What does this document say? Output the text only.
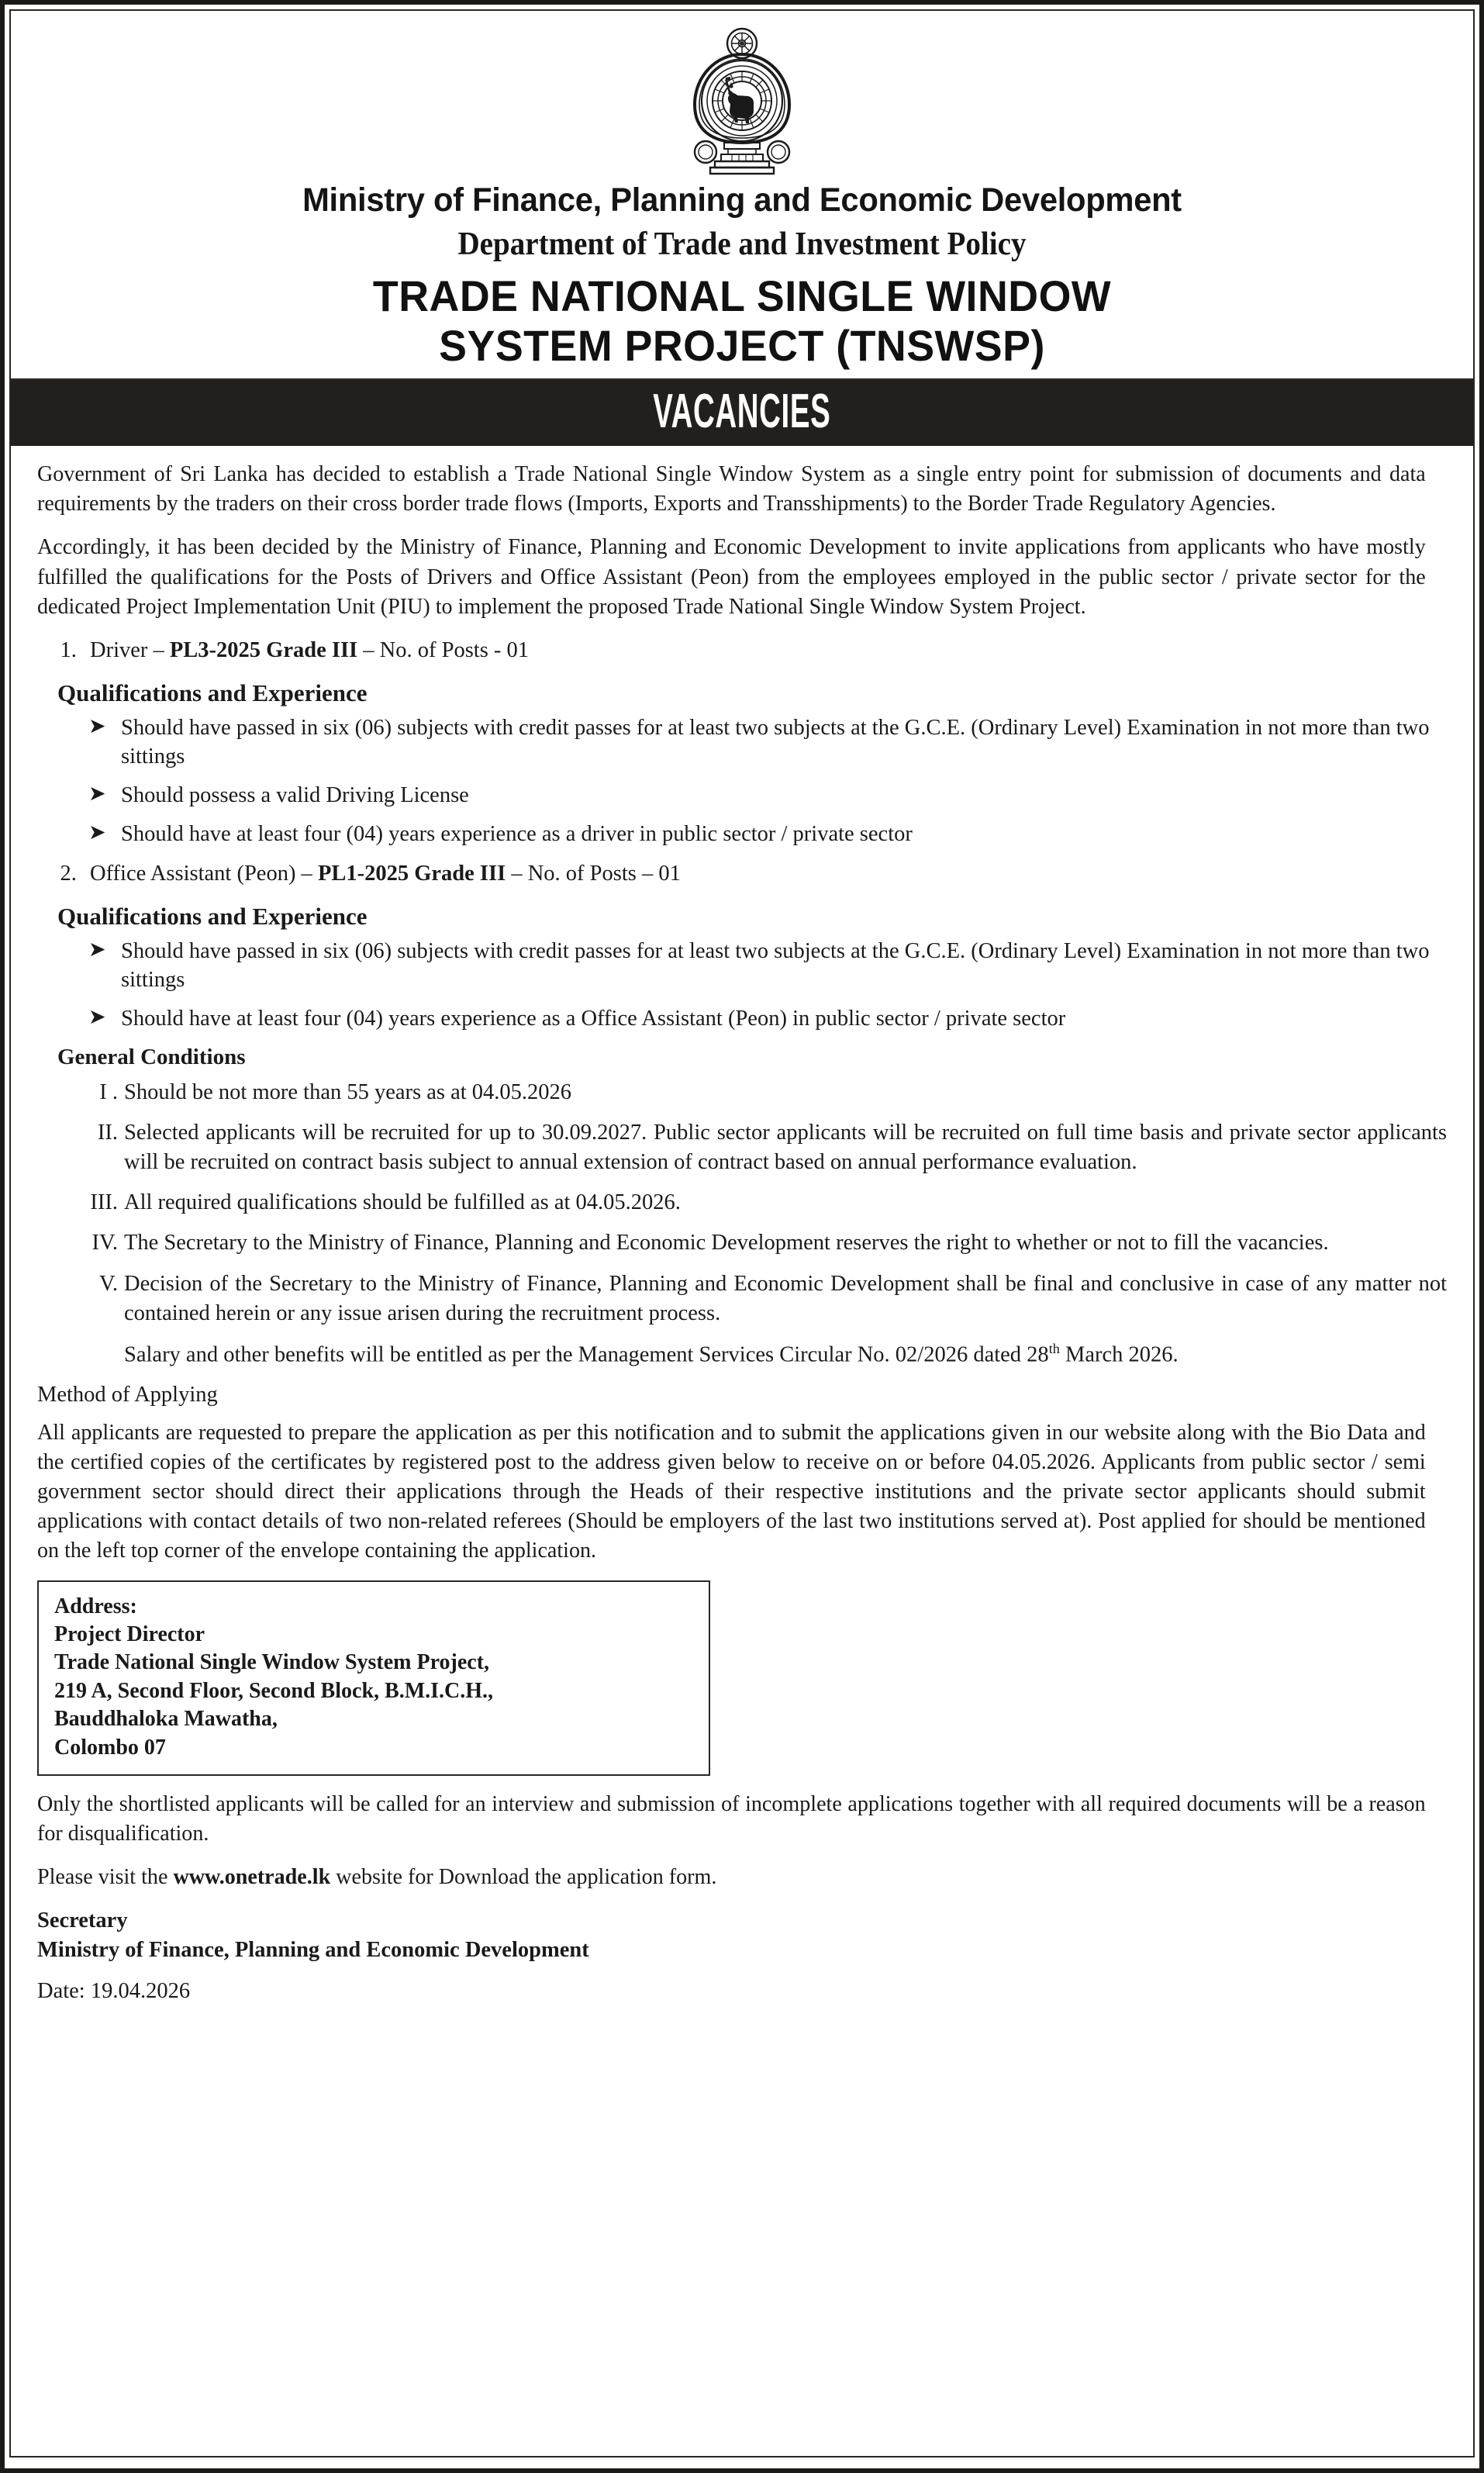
Ministry of Finance, Planning and Economic Development
Department of Trade and Investment Policy
TRADE NATIONAL SINGLE WINDOW
SYSTEM PROJECT (TNSWSP)
VACANCIES

Government of Sri Lanka has decided to establish a Trade National Single Window System as a single entry point for submission of documents and data requirements by the traders on their cross border trade flows (Imports, Exports and Transshipments) to the Border Trade Regulatory Agencies.

Accordingly, it has been decided by the Ministry of Finance, Planning and Economic Development to invite applications from applicants who have mostly fulfilled the qualifications for the Posts of Drivers and Office Assistant (Peon) from the employees employed in the public sector / private sector for the dedicated Project Implementation Unit (PIU) to implement the proposed Trade National Single Window System Project.

1. Driver – PL3-2025 Grade III – No. of Posts - 01
Qualifications and Experience
➤ Should have passed in six (06) subjects with credit passes for at least two subjects at the G.C.E. (Ordinary Level) Examination in not more than two sittings
➤ Should possess a valid Driving License
➤ Should have at least four (04) years experience as a driver in public sector / private sector
2. Office Assistant (Peon) – PL1-2025 Grade III – No. of Posts – 01
Qualifications and Experience
➤ Should have passed in six (06) subjects with credit passes for at least two subjects at the G.C.E. (Ordinary Level) Examination in not more than two sittings
➤ Should have at least four (04) years experience as a Office Assistant (Peon) in public sector / private sector
General Conditions
I . Should be not more than 55 years as at 04.05.2026
II. Selected applicants will be recruited for up to 30.09.2027. Public sector applicants will be recruited on full time basis and private sector applicants will be recruited on contract basis subject to annual extension of contract based on annual performance evaluation.
III. All required qualifications should be fulfilled as at 04.05.2026.
IV. The Secretary to the Ministry of Finance, Planning and Economic Development reserves the right to whether or not to fill the vacancies.
V. Decision of the Secretary to the Ministry of Finance, Planning and Economic Development shall be final and conclusive in case of any matter not contained herein or any issue arisen during the recruitment process.
Salary and other benefits will be entitled as per the Management Services Circular No. 02/2026 dated 28th March 2026.
Method of Applying

All applicants are requested to prepare the application as per this notification and to submit the applications given in our website along with the Bio Data and the certified copies of the certificates by registered post to the address given below to receive on or before 04.05.2026. Applicants from public sector / semi government sector should direct their applications through the Heads of their respective institutions and the private sector applicants should submit applications with contact details of two non-related referees (Should be employers of the last two institutions served at). Post applied for should be mentioned on the left top corner of the envelope containing the application.

Address:
Project Director
Trade National Single Window System Project,
219 A, Second Floor, Second Block, B.M.I.C.H.,
Bauddhaloka Mawatha,
Colombo 07

Only the shortlisted applicants will be called for an interview and submission of incomplete applications together with all required documents will be a reason for disqualification.

Please visit the www.onetrade.lk website for Download the application form.

Secretary
Ministry of Finance, Planning and Economic Development
Date: 19.04.2026
